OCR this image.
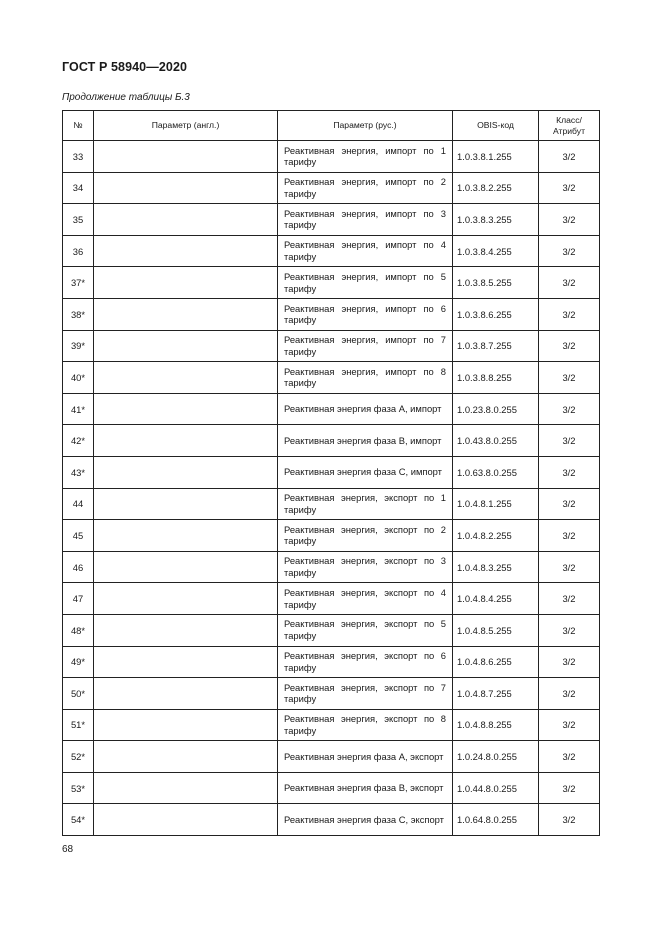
ГОСТ Р 58940—2020
Продолжение таблицы Б.3
№	Параметр (англ.)	Параметр (рус.)	OBIS-код	Класс/
Атрибут
33		Реактивная энергия, импорт по 1 тарифу	1.0.3.8.1.255	3/2
34		Реактивная энергия, импорт по 2 тарифу	1.0.3.8.2.255	3/2
35		Реактивная энергия, импорт по 3 тарифу	1.0.3.8.3.255	3/2
36		Реактивная энергия, импорт по 4 тарифу	1.0.3.8.4.255	3/2
37*		Реактивная энергия, импорт по 5 тарифу	1.0.3.8.5.255	3/2
38*		Реактивная энергия, импорт по 6 тарифу	1.0.3.8.6.255	3/2
39*		Реактивная энергия, импорт по 7 тарифу	1.0.3.8.7.255	3/2
40*		Реактивная энергия, импорт по 8 тарифу	1.0.3.8.8.255	3/2
41*		Реактивная энергия фаза А, импорт	1.0.23.8.0.255	3/2
42*		Реактивная энергия фаза В, импорт	1.0.43.8.0.255	3/2
43*		Реактивная энергия фаза С, импорт	1.0.63.8.0.255	3/2
44		Реактивная энергия, экспорт по 1 тарифу	1.0.4.8.1.255	3/2
45		Реактивная энергия, экспорт по 2 тарифу	1.0.4.8.2.255	3/2
46		Реактивная энергия, экспорт по 3 тарифу	1.0.4.8.3.255	3/2
47		Реактивная энергия, экспорт по 4 тарифу	1.0.4.8.4.255	3/2
48*		Реактивная энергия, экспорт по 5 тарифу	1.0.4.8.5.255	3/2
49*		Реактивная энергия, экспорт по 6 тарифу	1.0.4.8.6.255	3/2
50*		Реактивная энергия, экспорт по 7 тарифу	1.0.4.8.7.255	3/2
51*		Реактивная энергия, экспорт по 8 тарифу	1.0.4.8.8.255	3/2
52*		Реактивная энергия фаза А, экспорт	1.0.24.8.0.255	3/2
53*		Реактивная энергия фаза В, экспорт	1.0.44.8.0.255	3/2
54*		Реактивная энергия фаза С, экспорт	1.0.64.8.0.255	3/2
68
